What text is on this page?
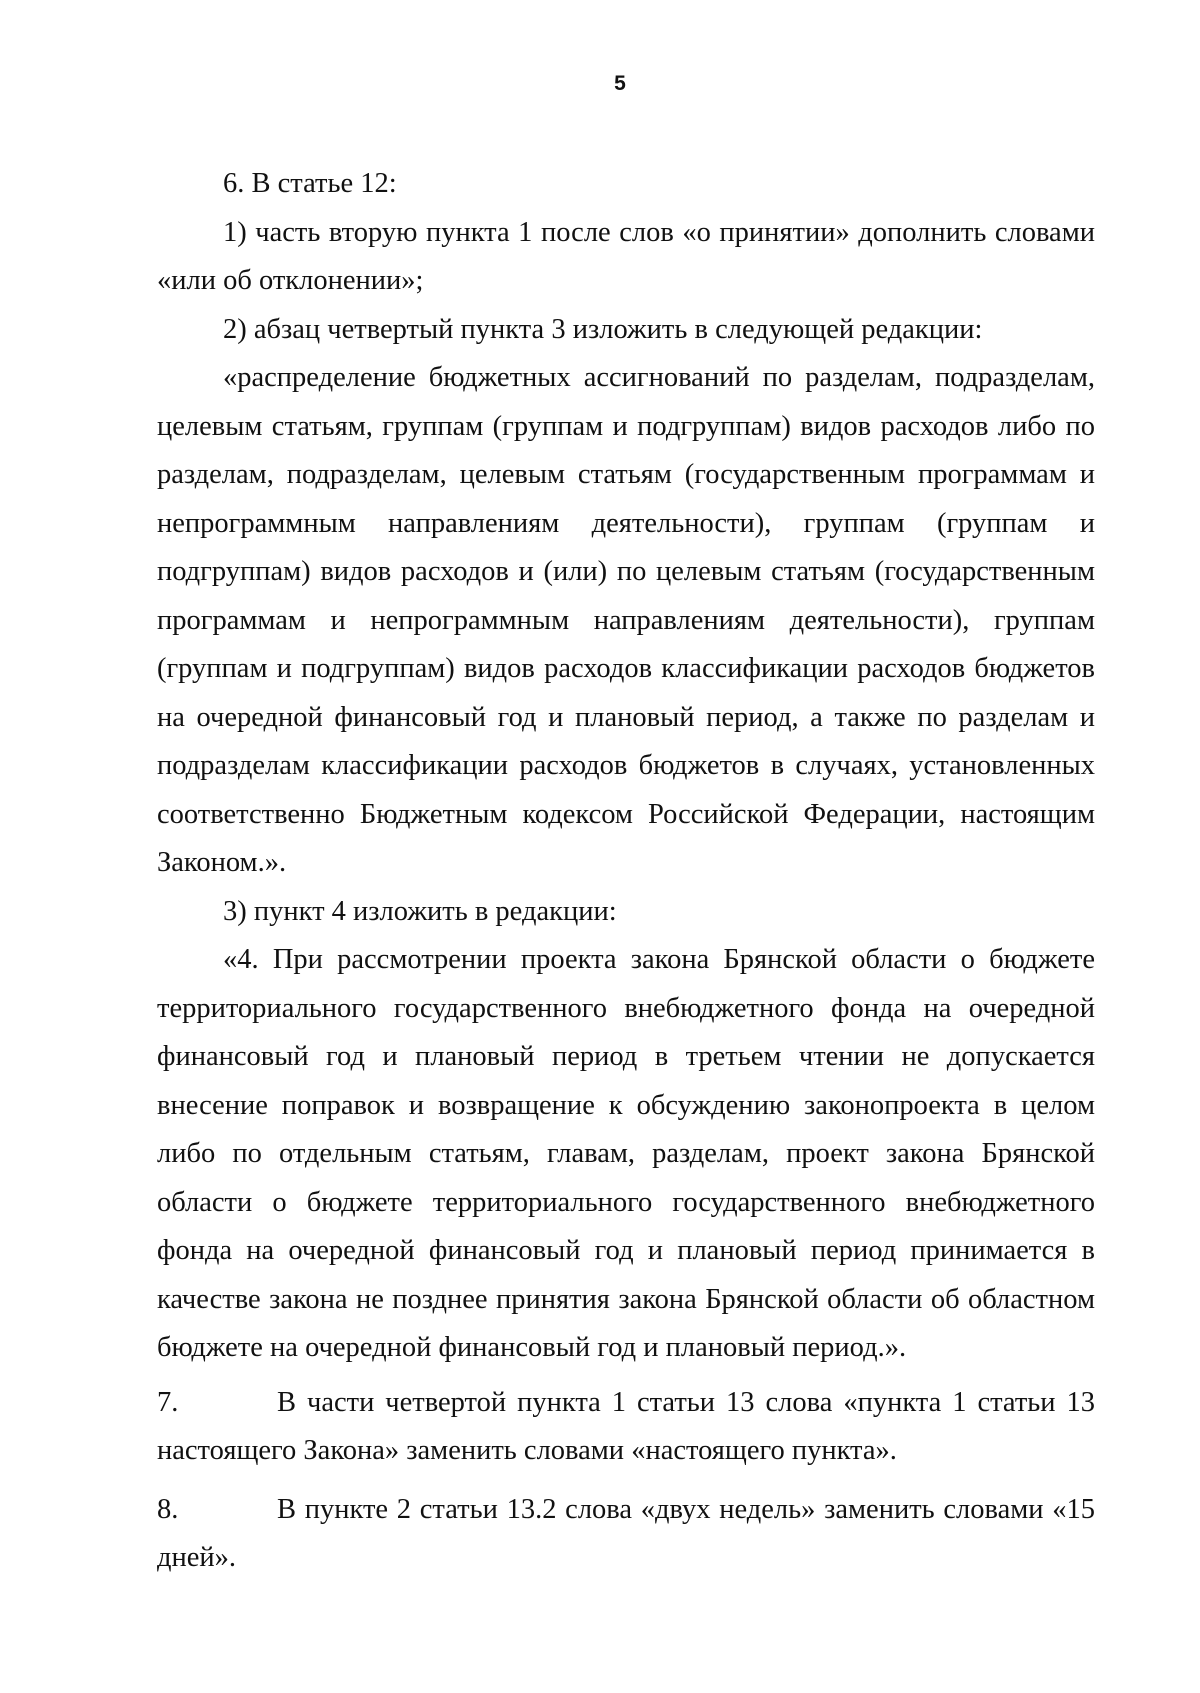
5

6. В статье 12:

1) часть вторую пункта 1 после слов «о принятии» дополнить словами «или об отклонении»;

2) абзац четвертый пункта 3 изложить в следующей редакции:

«распределение бюджетных ассигнований по разделам, подразделам, целевым статьям, группам (группам и подгруппам) видов расходов либо по разделам, подразделам, целевым статьям (государственным программам и непрограммным направлениям деятельности), группам (группам и подгруппам) видов расходов и (или) по целевым статьям (государственным программам и непрограммным направлениям деятельности), группам (группам и подгруппам) видов расходов классификации расходов бюджетов на очередной финансовый год и плановый период, а также по разделам и подразделам классификации расходов бюджетов в случаях, установленных соответственно Бюджетным кодексом Российской Федерации, настоящим Законом.».

3) пункт 4 изложить в редакции:

«4. При рассмотрении проекта закона Брянской области о бюджете территориального государственного внебюджетного фонда на очередной финансовый год и плановый период в третьем чтении не допускается внесение поправок и возвращение к обсуждению законопроекта в целом либо по отдельным статьям, главам, разделам, проект закона Брянской области о бюджете территориального государственного внебюджетного фонда на очередной финансовый год и плановый период принимается в качестве закона не позднее принятия закона Брянской области об областном бюджете на очередной финансовый год и плановый период.».

7.	В части четвертой пункта 1 статьи 13 слова «пункта 1 статьи 13 настоящего Закона» заменить словами «настоящего пункта».

8.	В пункте 2 статьи 13.2 слова «двух недель» заменить словами «15 дней».
